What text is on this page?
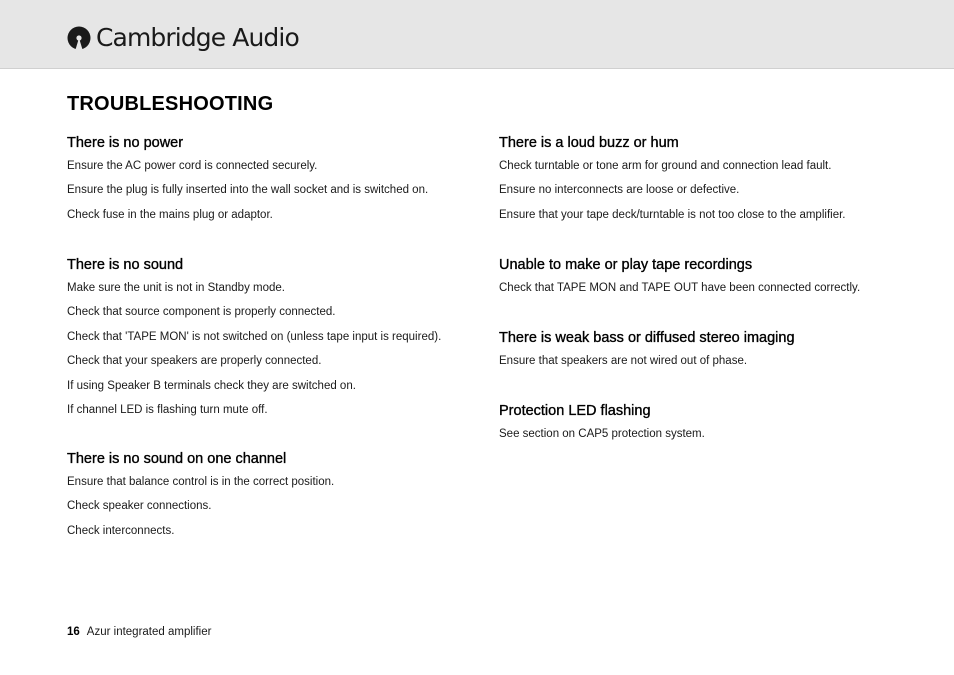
Cambridge Audio
TROUBLESHOOTING
There is no power
Ensure the AC power cord is connected securely.
Ensure the plug is fully inserted into the wall socket and is switched on.
Check fuse in the mains plug or adaptor.
There is no sound
Make sure the unit is not in Standby mode.
Check that source component is properly connected.
Check that 'TAPE MON' is not switched on (unless tape input is required).
Check that your speakers are properly connected.
If using Speaker B terminals check they are switched on.
If channel LED is flashing turn mute off.
There is no sound on one channel
Ensure that balance control is in the correct position.
Check speaker connections.
Check interconnects.
There is a loud buzz or hum
Check turntable or tone arm for ground and connection lead fault.
Ensure no interconnects are loose or defective.
Ensure that your tape deck/turntable is not too close to the amplifier.
Unable to make or play tape recordings
Check that TAPE MON and TAPE OUT have been connected correctly.
There is weak bass or diffused stereo imaging
Ensure that speakers are not wired out of phase.
Protection LED flashing
See section on CAP5 protection system.
16 Azur integrated amplifier
